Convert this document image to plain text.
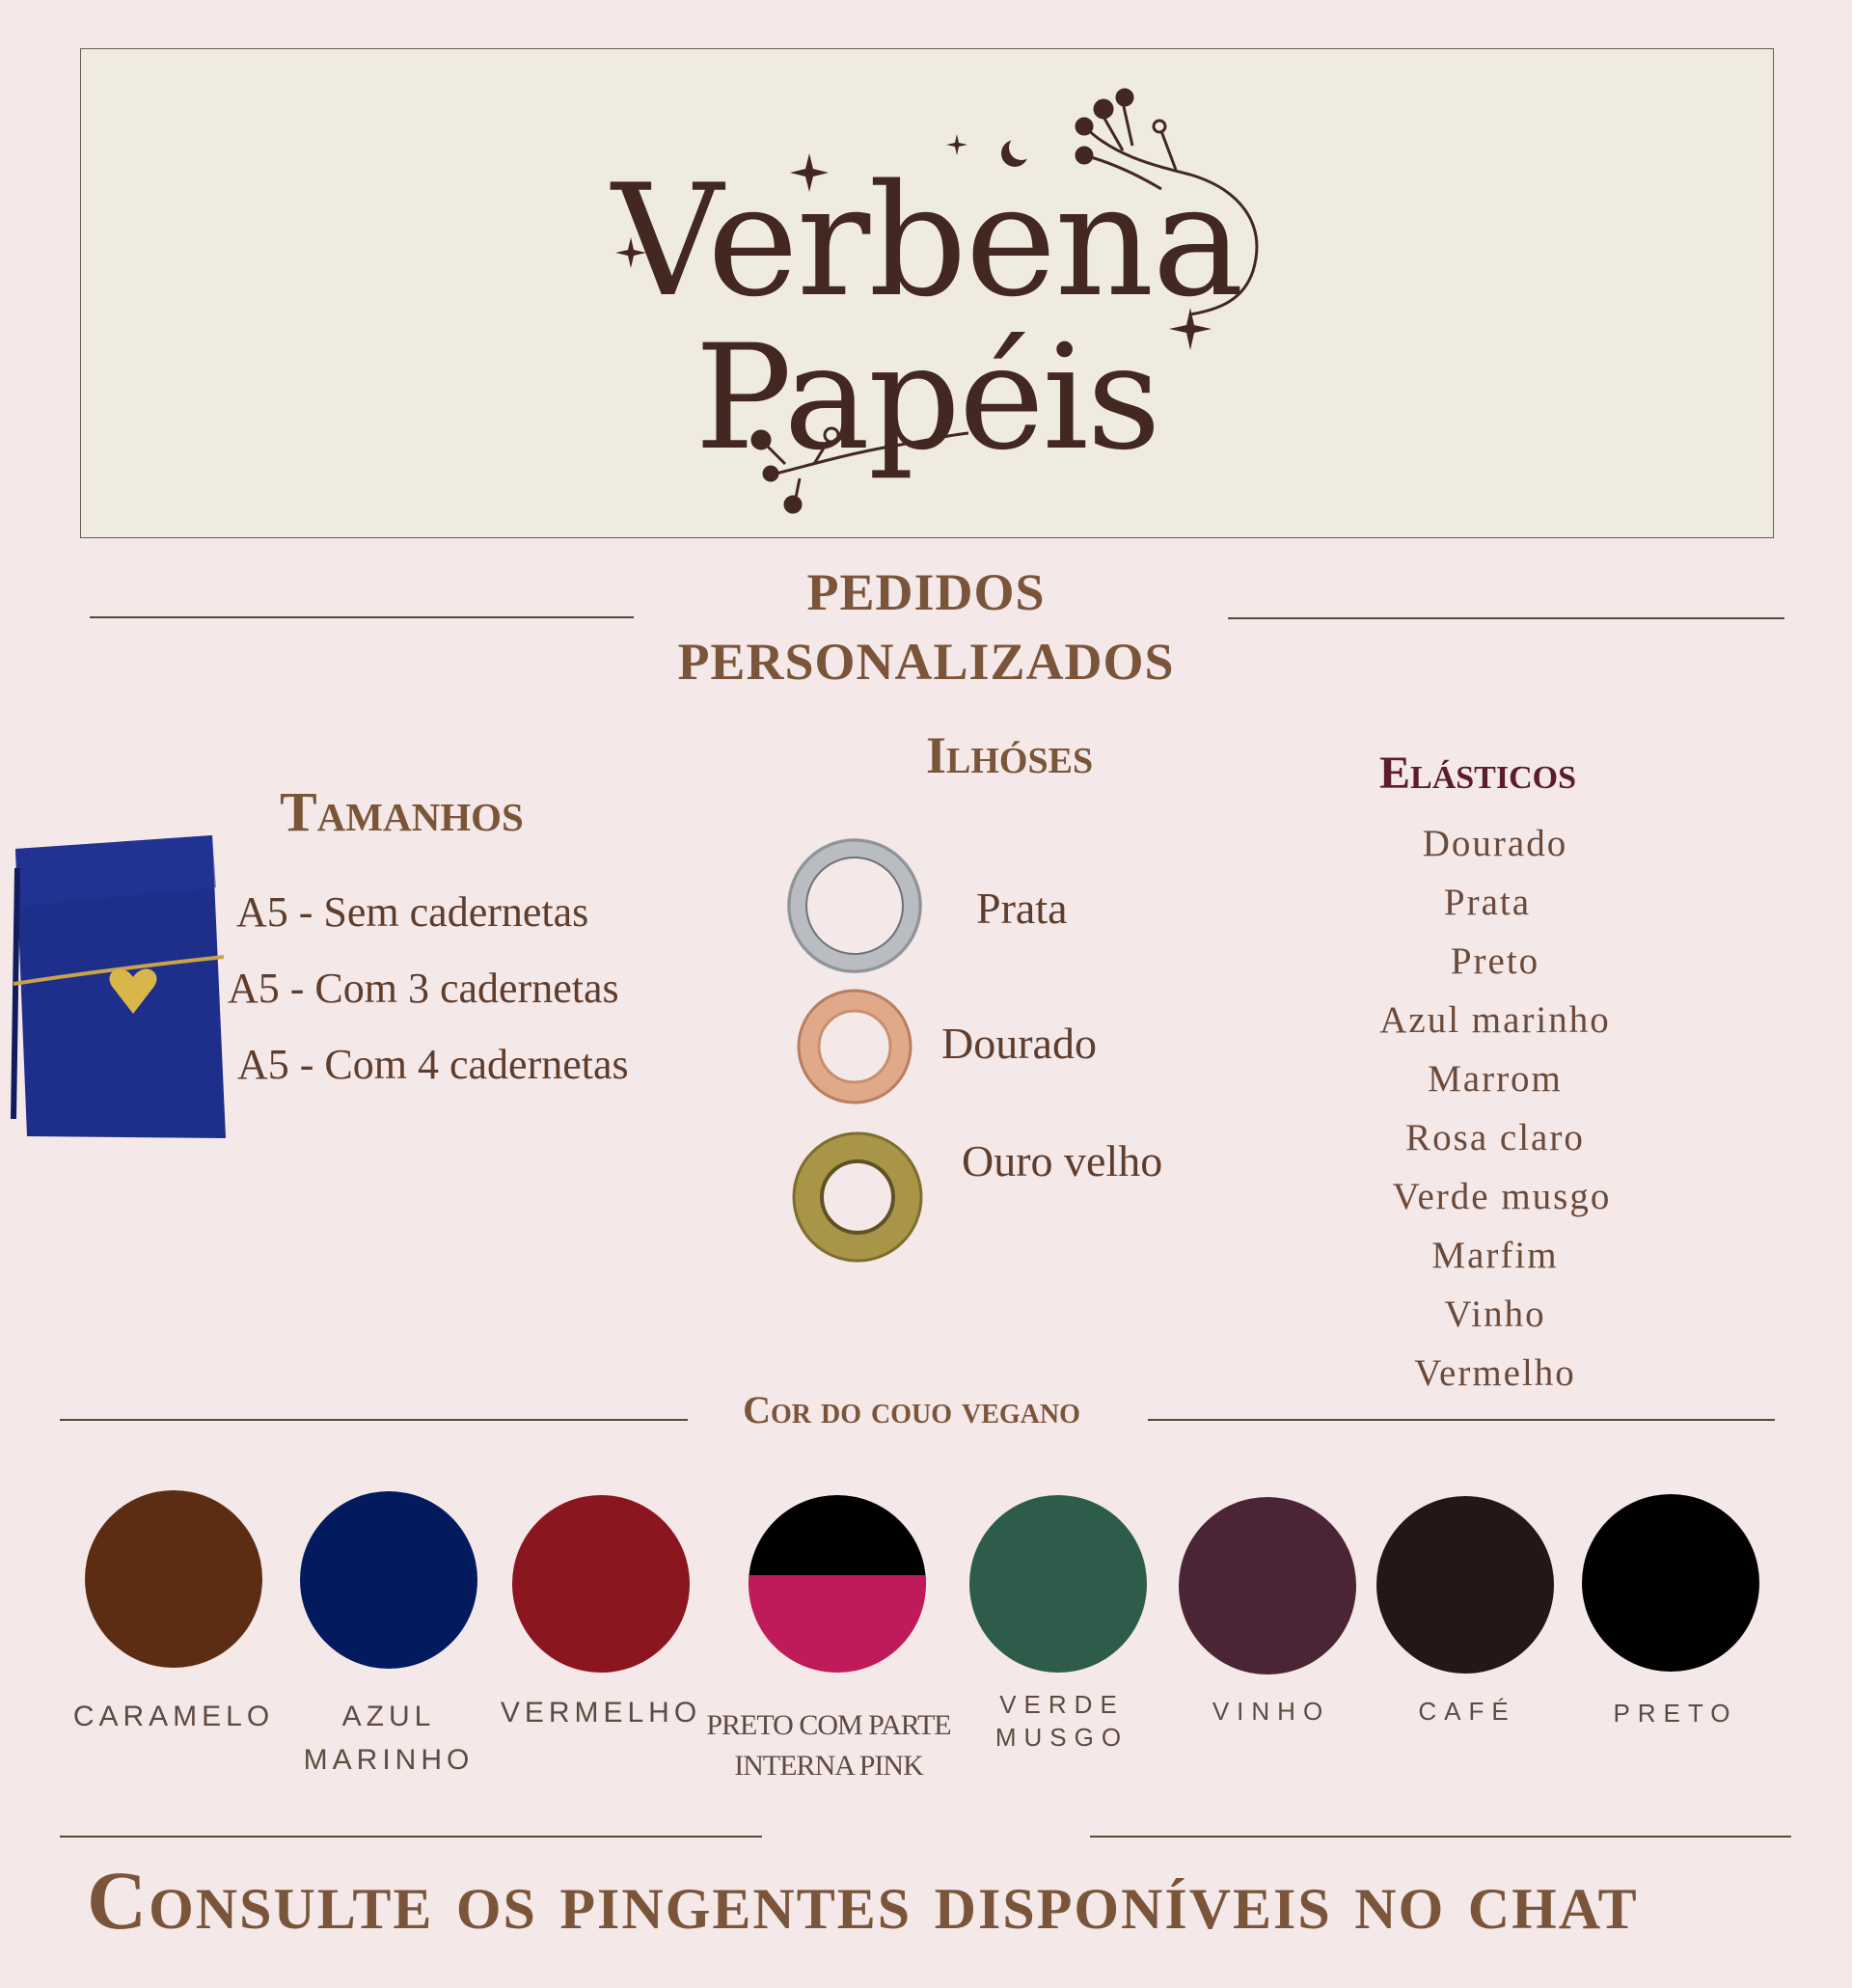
Verbena
Papéis
PEDIDOS PERSONALIZADOS
Tamanhos
A5 - Sem cadernetas
A5 - Com 3 cadernetas
A5 - Com 4 cadernetas
Ilhóses
Prata
Dourado
Ouro velho
Elásticos
Dourado
Prata
Preto
Azul marinho
Marrom
Rosa claro
Verde musgo
Marfim
Vinho
Vermelho
Cor do couo vegano
CARAMELO	AZUL
MARINHO
VERMELHO PRETO COM PARTE
INTERNA PINK
VERDE
MUSGO
VINHO	CAFÉ	PRETO
Consulte os pingentes disponíveis no chat
